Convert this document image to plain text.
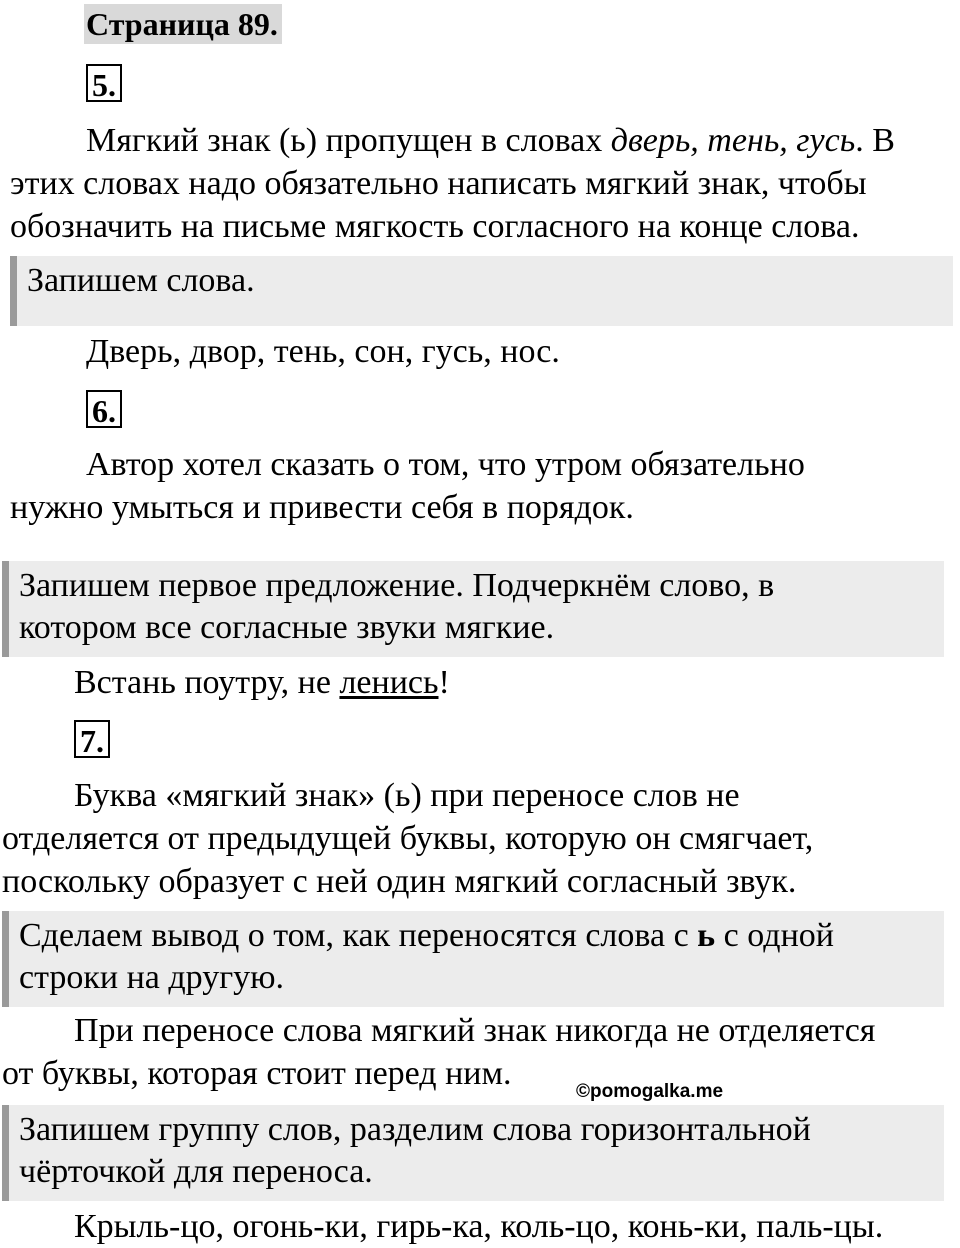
Страница 89.
5.
Мягкий знак (ь) пропущен в словах дверь, тень, гусь. В
этих словах надо обязательно написать мягкий знак, чтобы
обозначить на письме мягкость согласного на конце слова.
Запишем слова.
Дверь, двор, тень, сон, гусь, нос.
6.
Автор хотел сказать о том, что утром обязательно
нужно умыться и привести себя в порядок.
Запишем первое предложение. Подчеркнём слово, в
котором все согласные звуки мягкие.
Встань поутру, не ленись!
7.
Буква «мягкий знак» (ь) при переносе слов не
отделяется от предыдущей буквы, которую он смягчает,
поскольку образует с ней один мягкий согласный звук.
Сделаем вывод о том, как переносятся слова с ь с одной
строки на другую.
При переносе слова мягкий знак никогда не отделяется
от буквы, которая стоит перед ним.	©pomogalka.me
Запишем группу слов, разделим слова горизонтальной
чёрточкой для переноса.
Крыль-цо, огонь-ки, гирь-ка, коль-цо, конь-ки, паль-цы.
